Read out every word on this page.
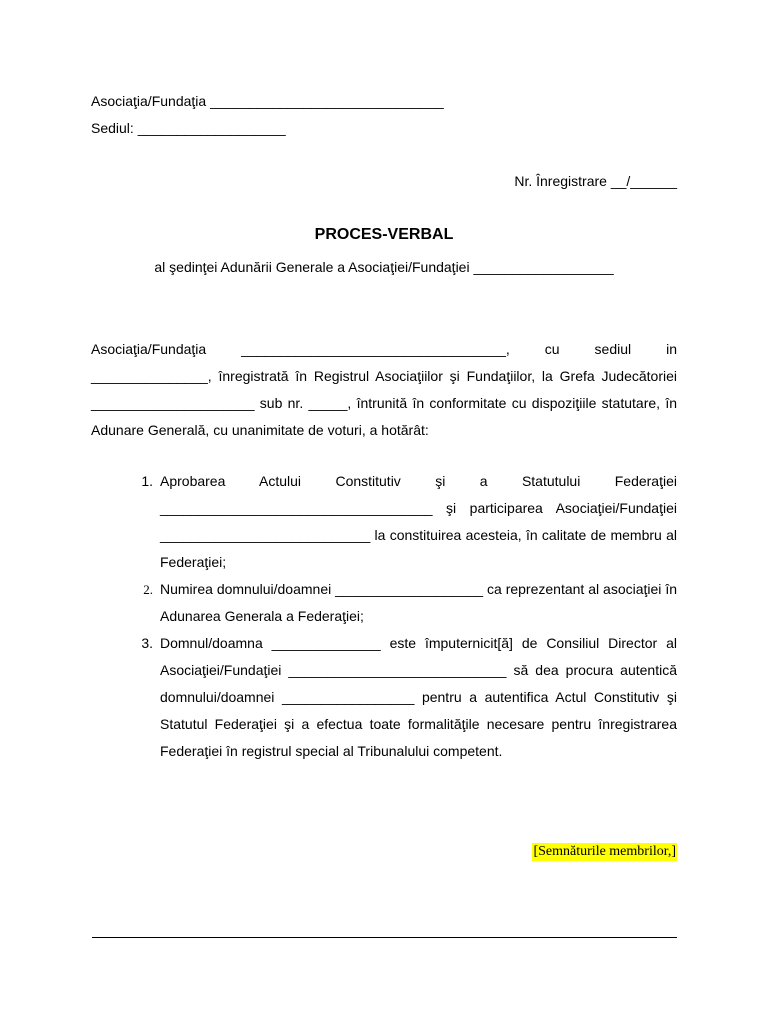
Asociaţia/Fundaţia ______________________________
Sediul: ___________________
Nr. Înregistrare __/______
PROCES-VERBAL
al şedinţei Adunării Generale a Asociaţiei/Fundaţiei __________________

Asociaţia/Fundaţia __________________________________, cu sediul in _______________, înregistrată în Registrul Asociaţiilor şi Fundaţiilor, la Grefa Judecătoriei _____________________ sub nr. _____, întrunită în conformitate cu dispoziţiile statutare, în Adunare Generală, cu unanimitate de voturi, a hotărât:

1. Aprobarea Actului Constitutiv şi a Statutului Federaţiei ___________________________________ şi participarea Asociaţiei/Fundaţiei ___________________________ la constituirea acesteia, în calitate de membru al Federaţiei;
2. Numirea domnului/doamnei ___________________ ca reprezentant al asociaţiei în Adunarea Generala a Federaţiei;
3. Domnul/doamna ______________ este împuternicit[ă] de Consiliul Director al Asociaţiei/Fundaţiei ____________________________ să dea procura autentică domnului/doamnei _________________ pentru a autentifica Actul Constitutiv şi Statutul Federaţiei şi a efectua toate formalităţile necesare pentru înregistrarea Federaţiei în registrul special al Tribunalului competent.
[Semnăturile membrilor,]
